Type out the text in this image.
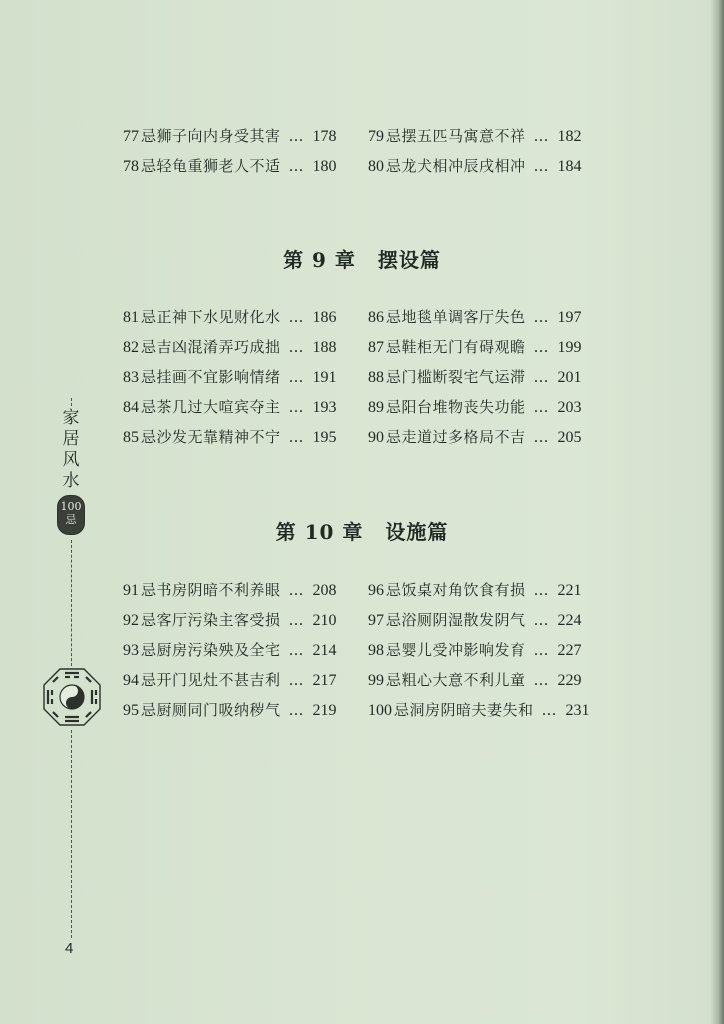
77 忌狮子向内身受其害 … 178 79 忌摆五匹马寓意不祥 … 182
78 忌轻龟重狮老人不适 … 180 80 忌龙犬相冲辰戌相冲 … 184
第 9 章 摆设篇
81 忌正神下水见财化水 … 186 86 忌地毯单调客厅失色 … 197
82 忌吉凶混淆弄巧成拙 … 188 87 忌鞋柜无门有碍观瞻 … 199
83 忌挂画不宜影响情绪 … 191 88 忌门槛断裂宅气运滞 … 201
84 忌茶几过大喧宾夺主 … 193 89 忌阳台堆物丧失功能 … 203
85 忌沙发无靠精神不宁 … 195 90 忌走道过多格局不吉 … 205
第 10 章 设施篇
91 忌书房阴暗不利养眼 … 208 96 忌饭桌对角饮食有损 … 221
92 忌客厅污染主客受损 … 210 97 忌浴厕阴湿散发阴气 … 224
93 忌厨房污染殃及全宅 … 214 98 忌婴儿受冲影响发育 … 227
94 忌开门见灶不甚吉利 … 217 99 忌粗心大意不利儿童 … 229
95 忌厨厕同门吸纳秽气 … 219 100 忌洞房阴暗夫妻失和 … 231
家
居
风
水
100忌
4
